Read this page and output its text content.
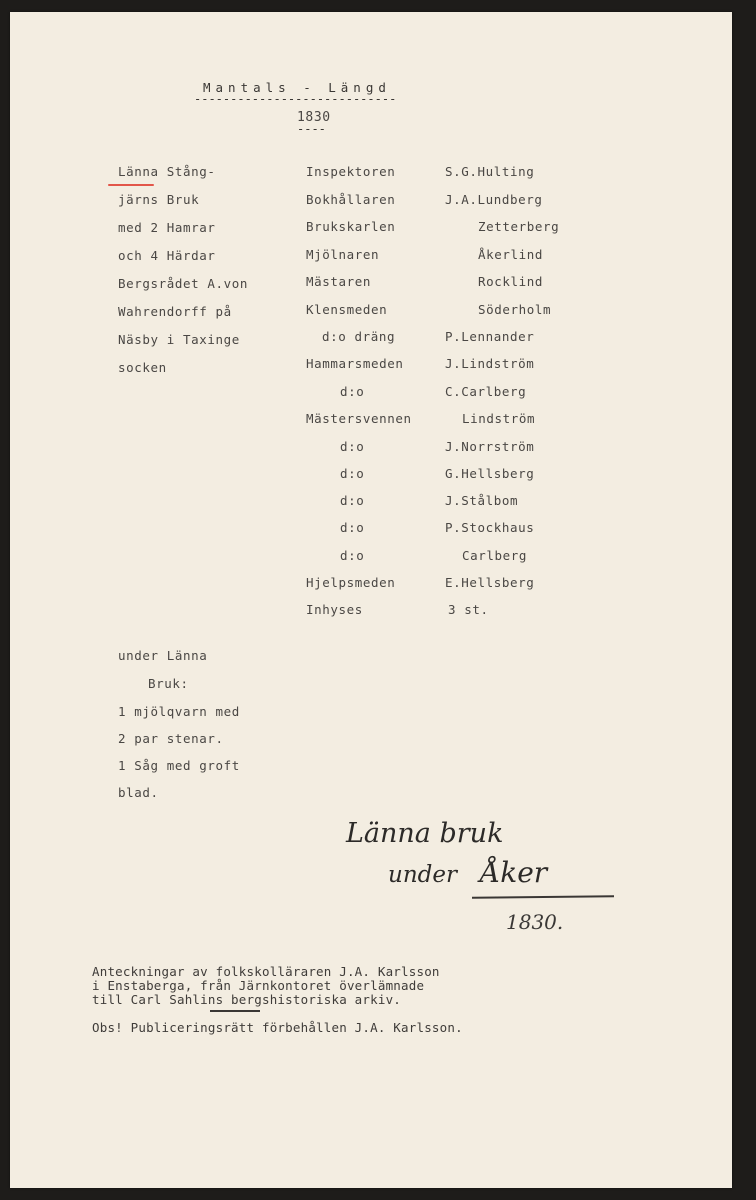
Mantals - Längd
----------------------------
1830
----
Länna Stång-
järns Bruk
med 2 Hamrar
och 4 Härdar
Bergsrådet A.von
Wahrendorff på
Näsby i Taxinge
socken
Inspektoren
Bokhållaren
Brukskarlen
Mjölnaren
Mästaren
Klensmeden
d:o dräng
Hammarsmeden
d:o
Mästersvennen
d:o
d:o
d:o
d:o
d:o
Hjelpsmeden
Inhyses
S.G.Hulting
J.A.Lundberg
Zetterberg
Åkerlind
Rocklind
Söderholm
P.Lennander
J.Lindström
C.Carlberg
Lindström
J.Norrström
G.Hellsberg
J.Stålbom
P.Stockhaus
Carlberg
E.Hellsberg
3 st.
under Länna
Bruk:
1 mjölqvarn med
2 par stenar.
1 Såg med groft
blad.
Länna bruk
under Åker
1830.
Anteckningar av folkskolläraren J.A. Karlsson
i Enstaberga, från Järnkontoret överlämnade
till Carl Sahlins bergshistoriska arkiv.
Obs! Publiceringsrätt förbehållen J.A. Karlsson.
